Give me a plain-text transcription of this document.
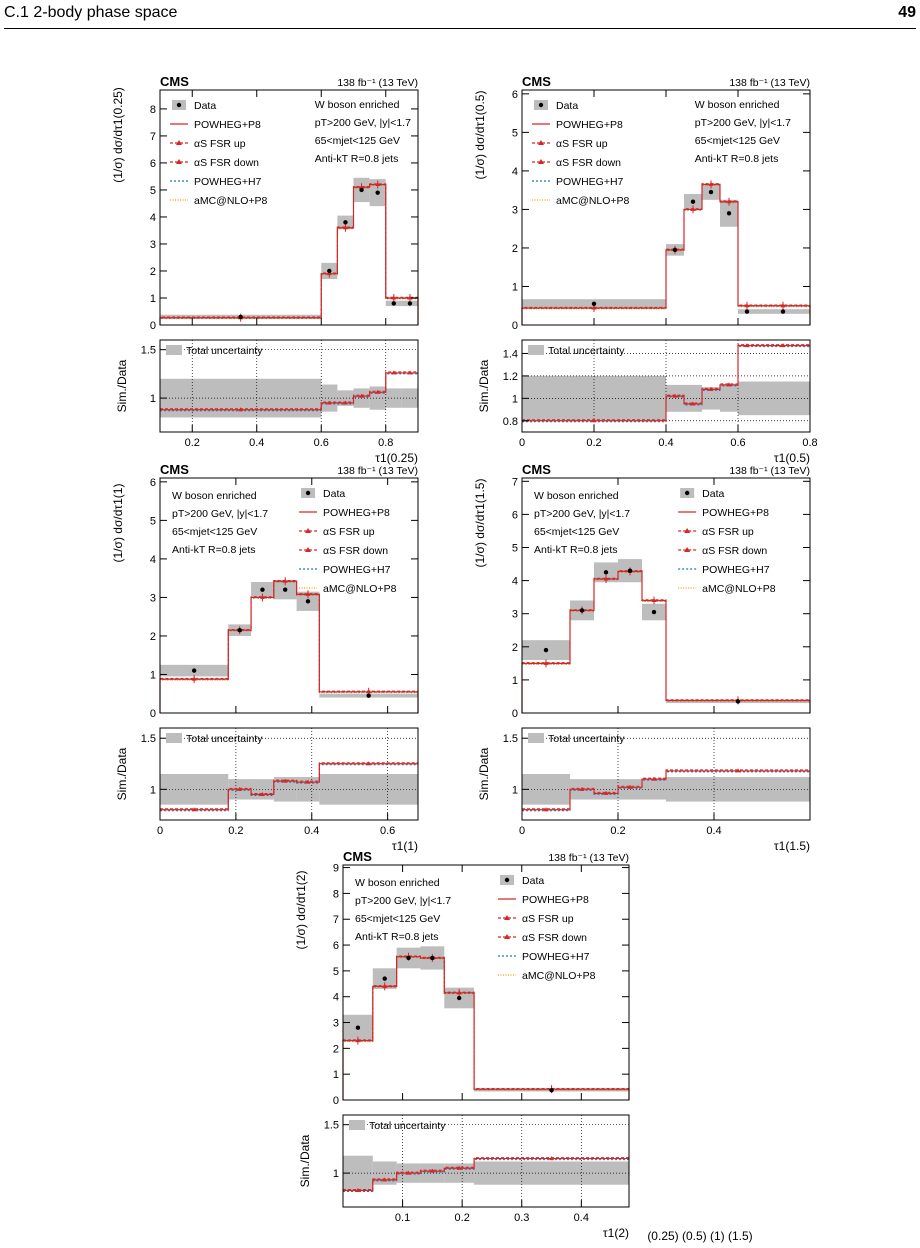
C.1 2-body phase space	49
0
1
2
3
4
5
6
7
8
CMS	138 fb⁻¹ (13 TeV)
(1/σ) dσ/dτ1(0.25)	Data
POWHEG+P8
αS FSR up
αS FSR down
POWHEG+H7
aMC@NLO+P8
W boson enriched
pT>200 GeV, |y|<1.7
65<mjet<125 GeV
Anti-kT R=0.8 jets
1
1.5
0.2	0.4	0.6	0.8
Total uncertainty
Sim./Data
τ1(0.25)
0
1
2
3
4
5
6
CMS	138 fb⁻¹ (13 TeV)
(1/σ) dσ/dτ1(0.5)	Data
POWHEG+P8
αS FSR up
αS FSR down
POWHEG+H7
aMC@NLO+P8
W boson enriched
pT>200 GeV, |y|<1.7
65<mjet<125 GeV
Anti-kT R=0.8 jets
0.8
1
1.2
1.4
0	0.2	0.4	0.6	0.8
Total uncertainty
Sim./Data
τ1(0.5)
0
1
2
3
4
5
6
CMS	138 fb⁻¹ (13 TeV)
(1/σ) dσ/dτ1(1)	Data
POWHEG+P8
αS FSR up
αS FSR down
POWHEG+H7
aMC@NLO+P8
W boson enriched
pT>200 GeV, |y|<1.7
65<mjet<125 GeV
Anti-kT R=0.8 jets
1
1.5
0	0.2	0.4	0.6
Total uncertainty
Sim./Data
τ1(1)
0
1
2
3
4
5
6
7
CMS	138 fb⁻¹ (13 TeV)
(1/σ) dσ/dτ1(1.5)	Data
POWHEG+P8
αS FSR up
αS FSR down
POWHEG+H7
aMC@NLO+P8
W boson enriched
pT>200 GeV, |y|<1.7
65<mjet<125 GeV
Anti-kT R=0.8 jets
1
1.5
0	0.2	0.4
Total uncertainty
Sim./Data
τ1(1.5)
0
1
2
3
4
5
6
7
8
9
CMS	138 fb⁻¹ (13 TeV)
(1/σ) dσ/dτ1(2)	Data
POWHEG+P8
αS FSR up
αS FSR down
POWHEG+H7
aMC@NLO+P8
W boson enriched
pT>200 GeV, |y|<1.7
65<mjet<125 GeV
Anti-kT R=0.8 jets
1
1.5
0.1	0.2	0.3	0.4
Total uncertainty
Sim./Data
τ1(2) (0.25) (0.5) (1) (1.5)
